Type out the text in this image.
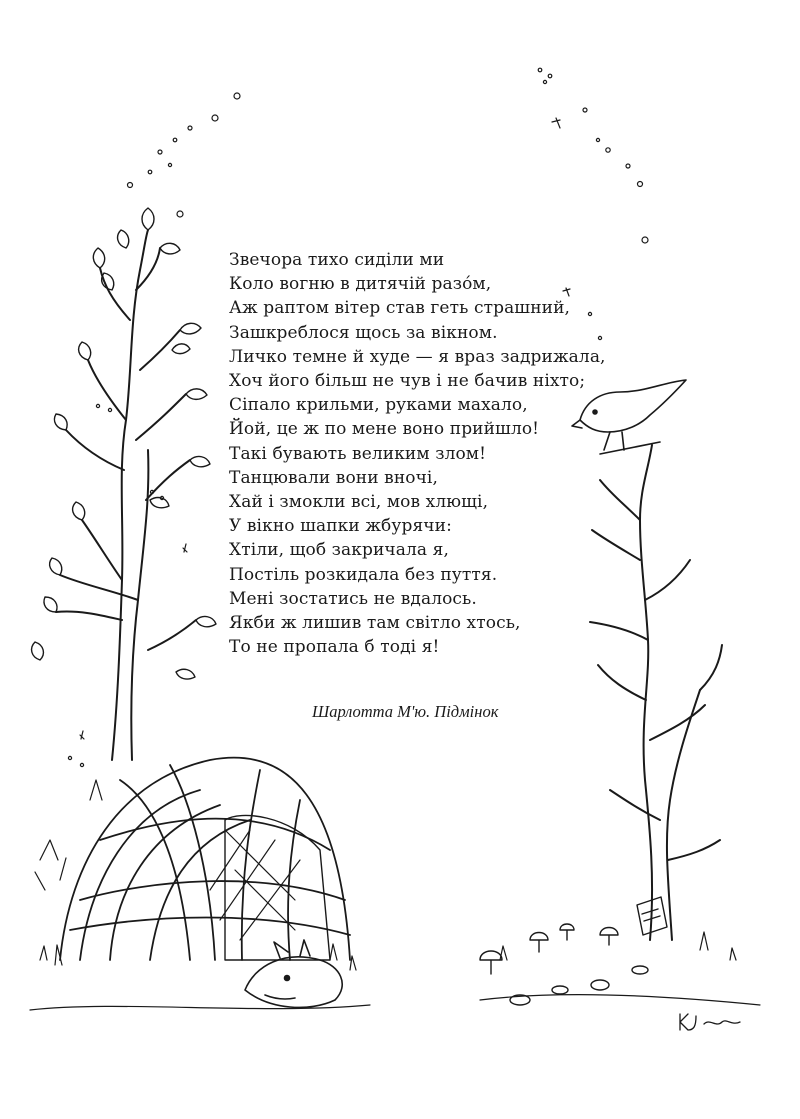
Звечора тихо сиділи ми
Коло вогню в дитячій разо́м,
Аж раптом вітер став геть страшний,
Зашкреблося щось за вікном.
Личко темне й худе — я враз задрижала,
Хоч його більш не чув і не бачив ніхто;
Сіпало крильми, руками махало,
Йой, це ж по мене воно прийшло!
Такі бувають великим злом!
Танцювали вони вночі,
Хай і змокли всі, мов хлющі,
У вікно шапки жбурячи:
Хтіли, щоб закричала я,
Постіль розкидала без пуття.
Мені зостатись не вдалось.
Якби ж лишив там світло хтось,
То не пропала б тоді я!
Шарлотта М'ю. Підмінок
